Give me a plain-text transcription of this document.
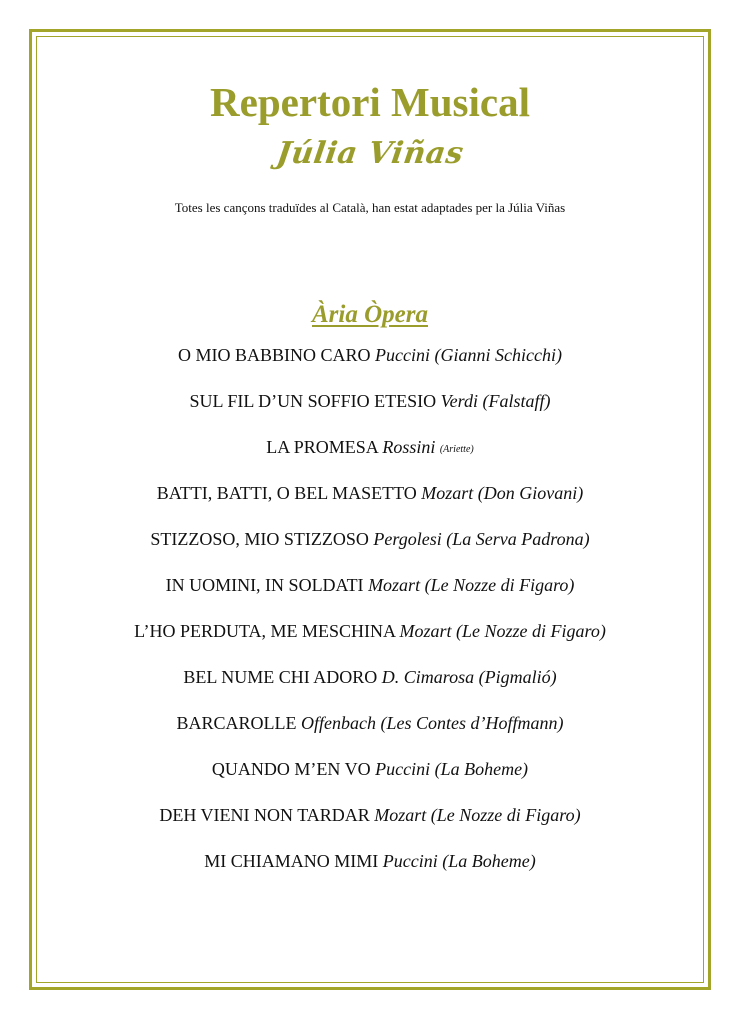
Repertori Musical
Júlia Viñas
Totes les cançons traduïdes al Català, han estat adaptades per la Júlia Viñas
Ària Òpera
O MIO BABBINO CARO Puccini (Gianni Schicchi)
SUL FIL D’UN SOFFIO ETESIO Verdi (Falstaff)
LA PROMESA Rossini (Ariette)
BATTI, BATTI, O BEL MASETTO Mozart (Don Giovani)
STIZZOSO, MIO STIZZOSO Pergolesi (La Serva Padrona)
IN UOMINI, IN SOLDATI Mozart (Le Nozze di Figaro)
L’HO PERDUTA, ME MESCHINA Mozart (Le Nozze di Figaro)
BEL NUME CHI ADORO D. Cimarosa (Pigmalió)
BARCAROLLE Offenbach (Les Contes d’Hoffmann)
QUANDO M’EN VO Puccini (La Boheme)
DEH VIENI NON TARDAR Mozart (Le Nozze di Figaro)
MI CHIAMANO MIMI Puccini (La Boheme)
